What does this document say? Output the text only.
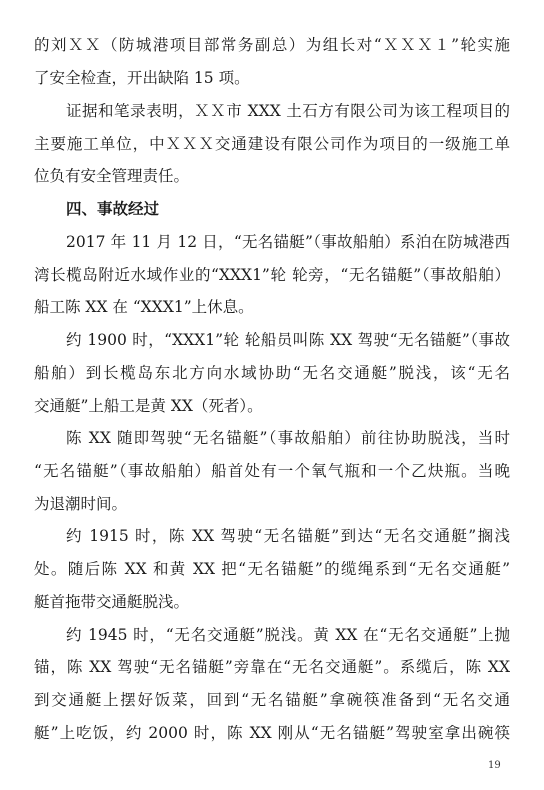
的刘ＸＸ（防城港项目部常务副总）为组长对“ＸＸＸ１”轮实施
了安全检查，开出缺陷 15 项。
证据和笔录表明，ＸＸ市 XXX 土石方有限公司为该工程项目的
主要施工单位，中ＸＸＸ交通建设有限公司作为项目的一级施工单
位负有安全管理责任。
四、事故经过
2017 年 11 月 12 日，“无名锚艇”（事故船舶）系泊在防城港西
湾长榄岛附近水域作业的“XXX1”轮 轮旁，“无名锚艇”（事故船舶）
船工陈 XX 在 “XXX1”上休息。
约 1900 时，“XXX1”轮 轮船员叫陈 XX 驾驶“无名锚艇”（事故
船舶）到长榄岛东北方向水域协助“无名交通艇”脱浅，该“无名
交通艇”上船工是黄 XX（死者）。
陈 XX 随即驾驶“无名锚艇”（事故船舶）前往协助脱浅，当时
“无名锚艇”（事故船舶）船首处有一个氧气瓶和一个乙炔瓶。当晚
为退潮时间。
约 1915 时，陈 XX 驾驶“无名锚艇”到达“无名交通艇”搁浅
处。随后陈 XX 和黄 XX 把“无名锚艇”的缆绳系到“无名交通艇”
艇首拖带交通艇脱浅。
约 1945 时，“无名交通艇”脱浅。黄 XX 在“无名交通艇”上抛
锚，陈 XX 驾驶“无名锚艇”旁靠在“无名交通艇”。系缆后，陈 XX
到交通艇上摆好饭菜，回到“无名锚艇”拿碗筷准备到“无名交通
艇”上吃饭，约 2000 时，陈 XX 刚从“无名锚艇”驾驶室拿出碗筷
19
